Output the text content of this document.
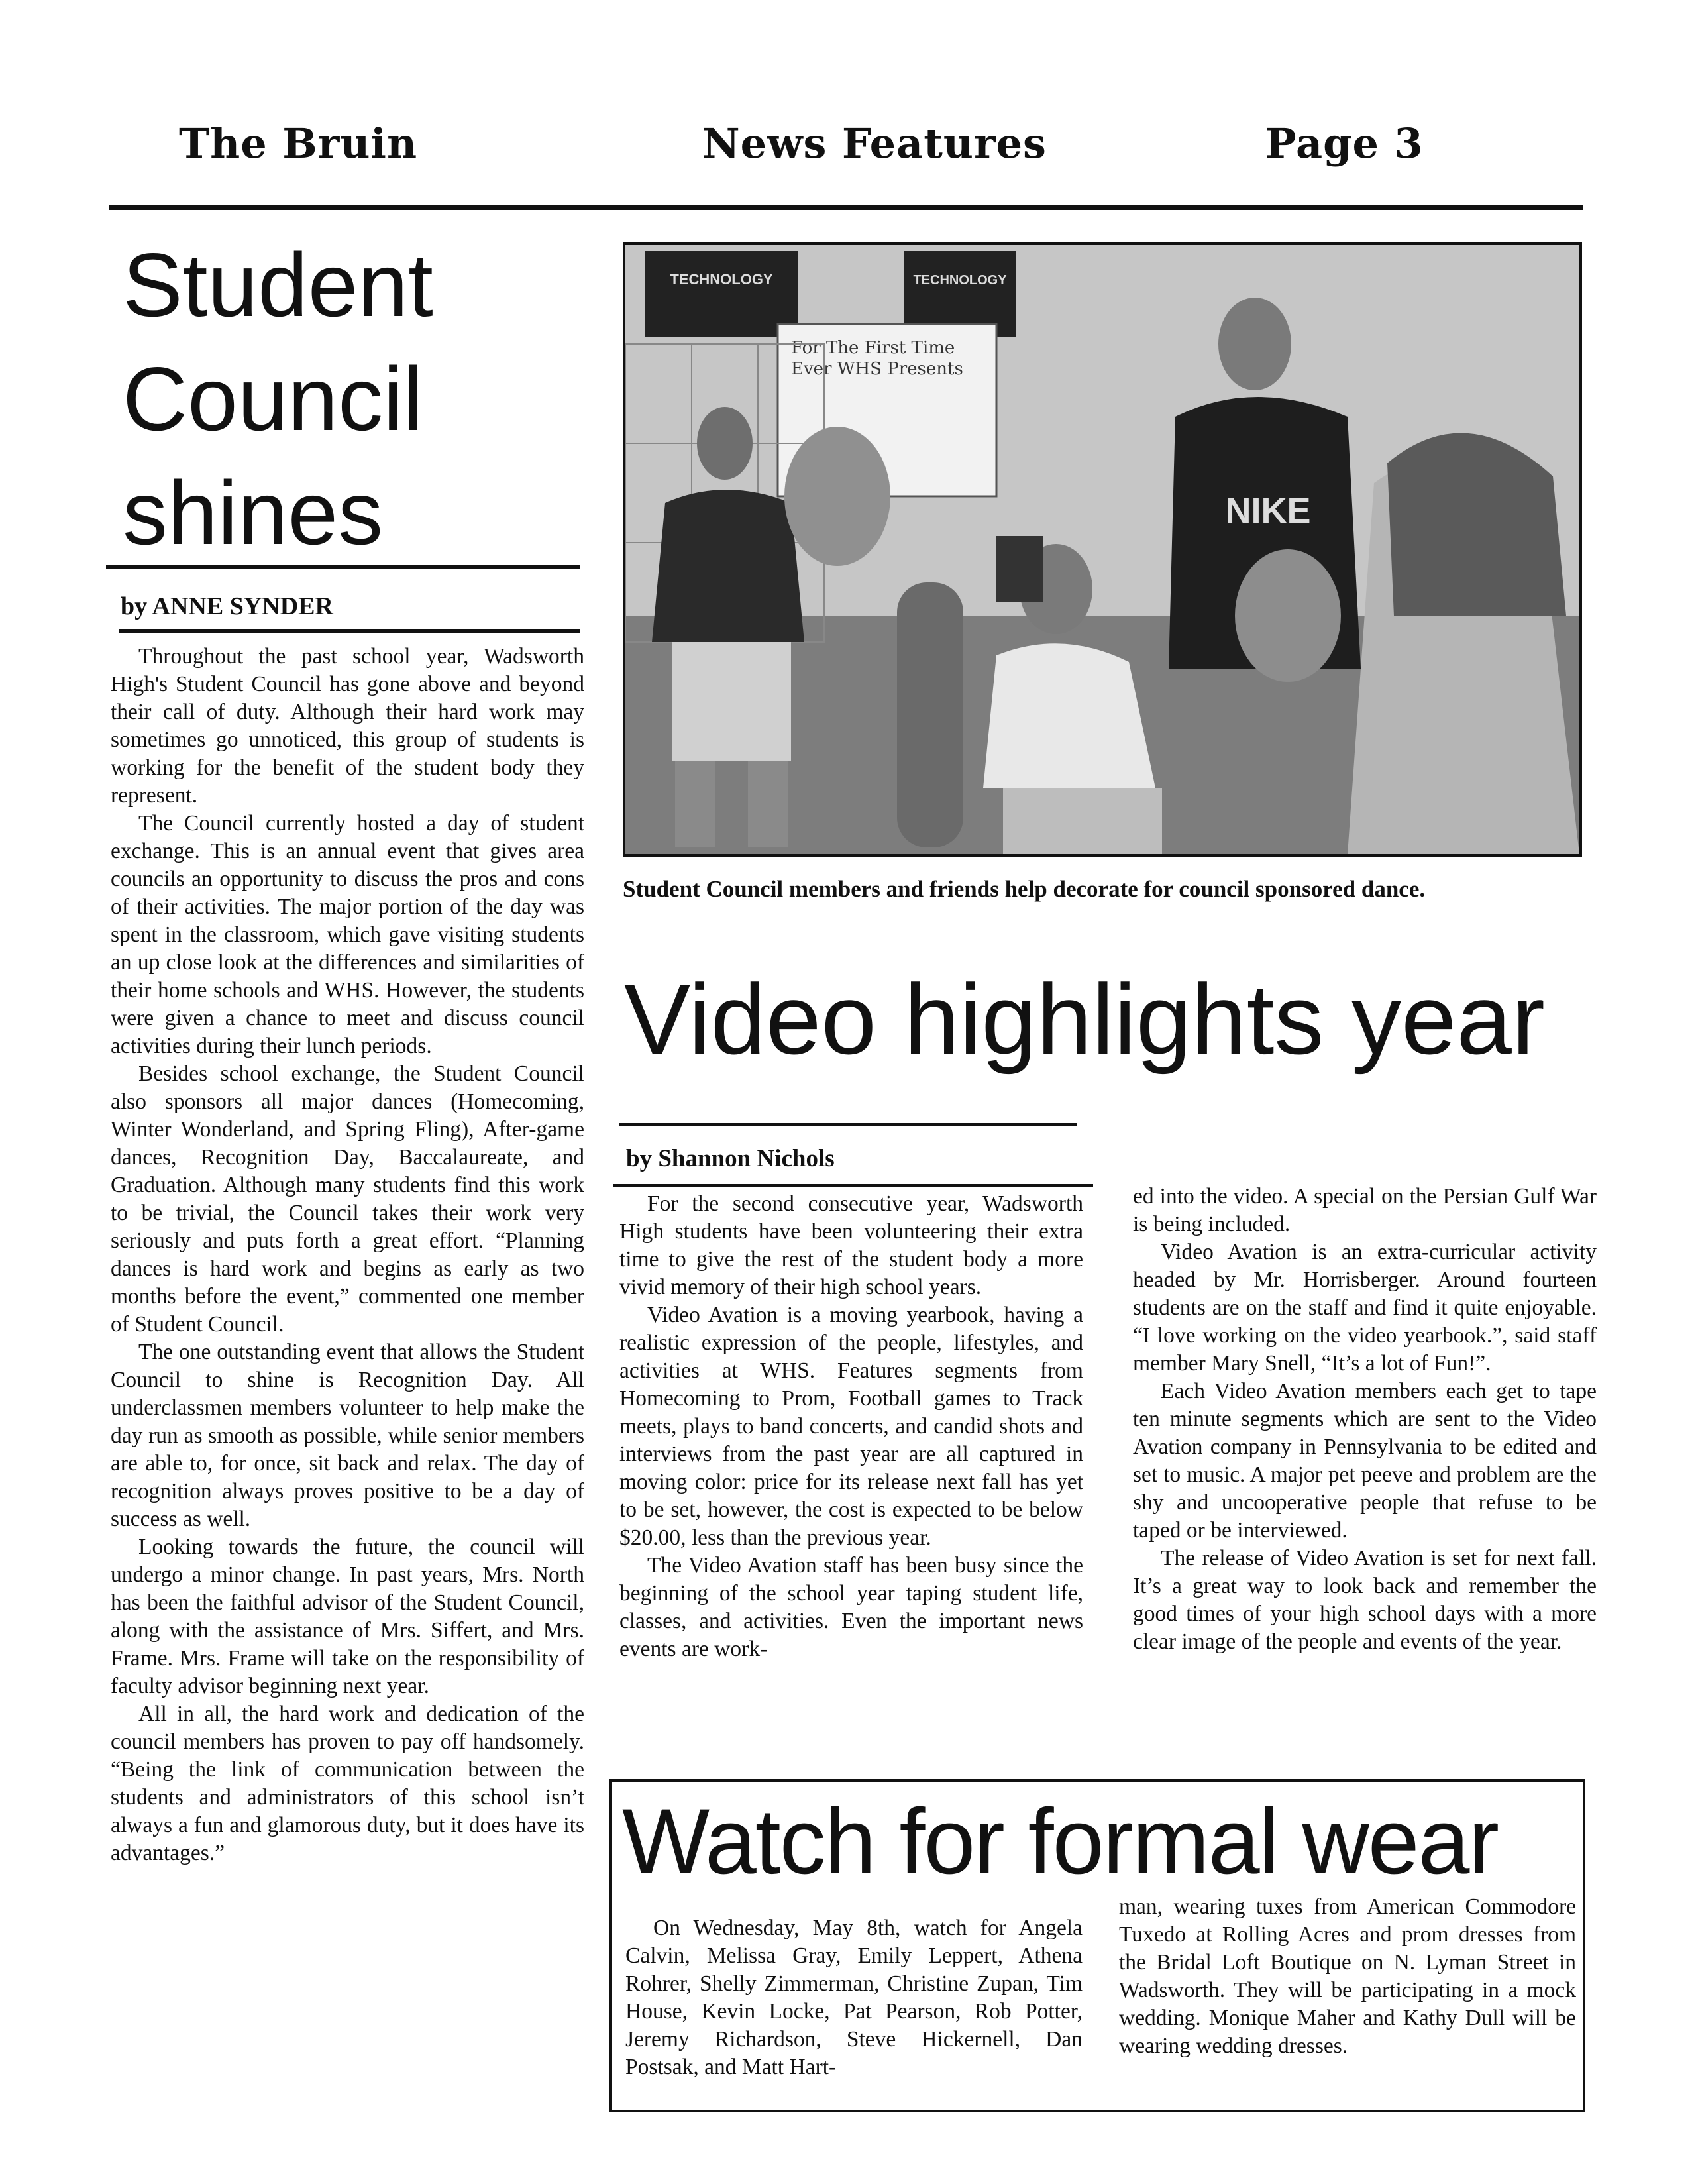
The Bruin	News Features	Page 3
Student
Council
shines
by ANNE SYNDER

Throughout the past school year, Wadsworth High's Student Council has gone above and beyond their call of duty. Although their hard work may sometimes go unnoticed, this group of students is working for the benefit of the student body they represent.

The Council currently hosted a day of student exchange. This is an annual event that gives area councils an opportunity to discuss the pros and cons of their activities. The major portion of the day was spent in the classroom, which gave visiting students an up close look at the differences and similarities of their home schools and WHS. However, the students were given a chance to meet and discuss council activities during their lunch periods.

Besides school exchange, the Student Council also sponsors all major dances (Homecoming, Winter Wonderland, and Spring Fling), After-game dances, Recognition Day, Baccalaureate, and Graduation. Although many students find this work to be trivial, the Council takes their work very seriously and puts forth a great effort. “Planning dances is hard work and begins as early as two months before the event,” commented one member of Student Council.

The one outstanding event that allows the Student Council to shine is Recognition Day. All underclassmen members volunteer to help make the day run as smooth as possible, while senior members are able to, for once, sit back and relax. The day of recognition always proves positive to be a day of success as well.

Looking towards the future, the council will undergo a minor change. In past years, Mrs. North has been the faithful advisor of the Student Council, along with the assistance of Mrs. Siffert, and Mrs. Frame. Mrs. Frame will take on the responsibility of faculty advisor beginning next year.

All in all, the hard work and dedication of the council members has proven to pay off handsomely. “Being the link of communication between the students and administrators of this school isn’t always a fun and glamorous duty, but it does have its advantages.”

TECHNOLOGY	TECHNOLOGY
For The First Time Ever WHS Presents
NIKE
Student Council members and friends help decorate for council sponsored dance.
Video highlights year
by Shannon Nichols

For the second consecutive year, Wadsworth High students have been volunteering their extra time to give the rest of the student body a more vivid memory of their high school years.

Video Avation is a moving yearbook, having a realistic expression of the people, lifestyles, and activities at WHS. Features segments from Homecoming to Prom, Football games to Track meets, plays to band concerts, and candid shots and interviews from the past year are all captured in moving color: price for its release next fall has yet to be set, however, the cost is expected to be below $20.00, less than the previous year.

The Video Avation staff has been busy since the beginning of the school year taping student life, classes, and activities. Even the important news events are work-

ed into the video. A special on the Persian Gulf War is being included.

Video Avation is an extra-curricular activity headed by Mr. Horrisberger. Around fourteen students are on the staff and find it quite enjoyable. “I love working on the video yearbook.”, said staff member Mary Snell, “It’s a lot of Fun!”.

Each Video Avation members each get to tape ten minute segments which are sent to the Video Avation company in Pennsylvania to be edited and set to music. A major pet peeve and problem are the shy and uncooperative people that refuse to be taped or be interviewed.

The release of Video Avation is set for next fall. It’s a great way to look back and remember the good times of your high school days with a more clear image of the people and events of the year.

Watch for formal wear

On Wednesday, May 8th, watch for Angela Calvin, Melissa Gray, Emily Leppert, Athena Rohrer, Shelly Zimmerman, Christine Zupan, Tim House, Kevin Locke, Pat Pearson, Rob Potter, Jeremy Richardson, Steve Hickernell, Dan Postsak, and Matt Hart-

man, wearing tuxes from American Commodore Tuxedo at Rolling Acres and prom dresses from the Bridal Loft Boutique on N. Lyman Street in Wadsworth. They will be participating in a mock wedding. Monique Maher and Kathy Dull will be wearing wedding dresses.
